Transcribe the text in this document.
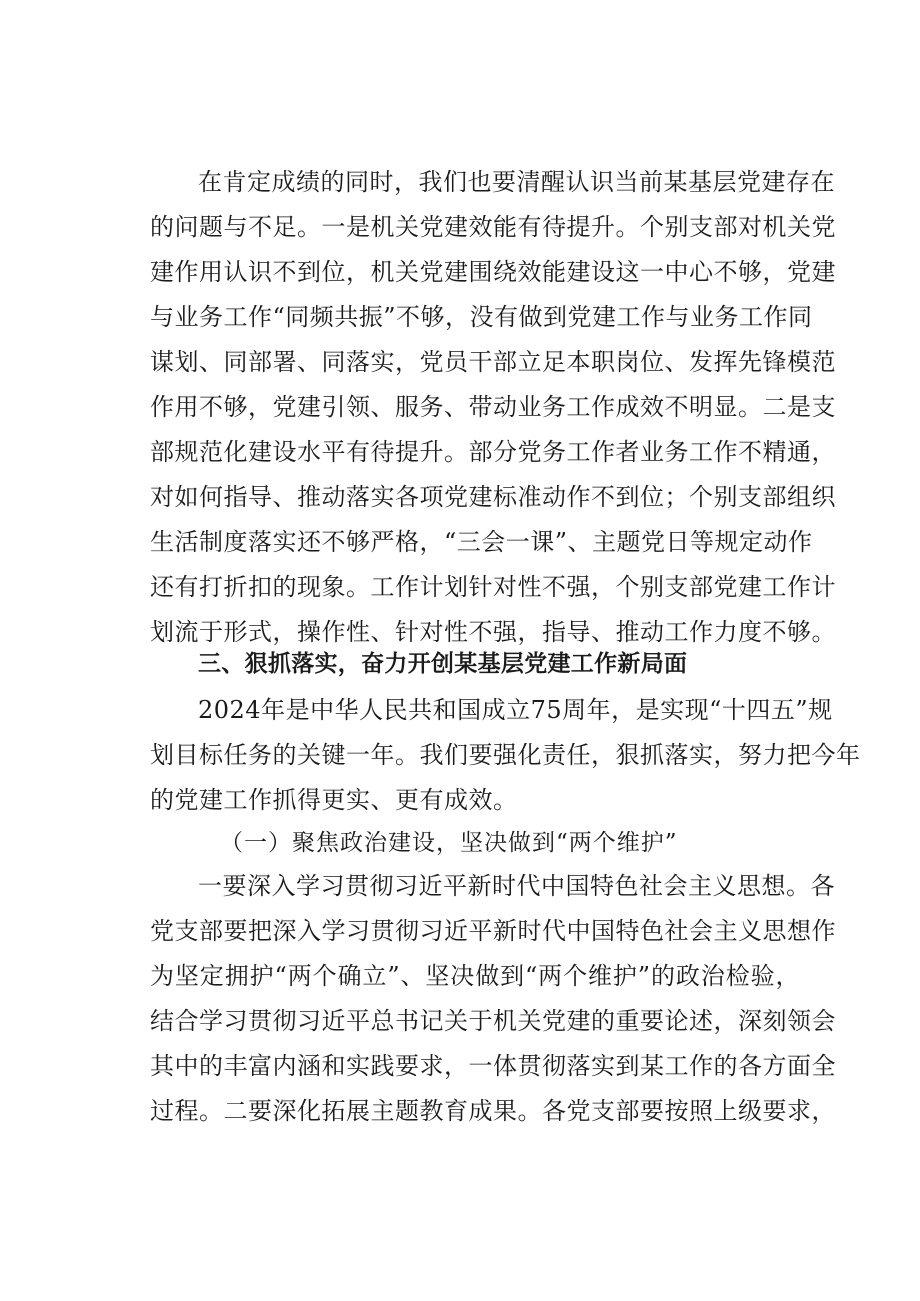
在肯定成绩的同时，我们也要清醒认识当前某基层党建存在
的问题与不足。一是机关党建效能有待提升。个别支部对机关党
建作用认识不到位，机关党建围绕效能建设这一中心不够，党建
与业务工作“同频共振”不够，没有做到党建工作与业务工作同
谋划、同部署、同落实，党员干部立足本职岗位、发挥先锋模范
作用不够，党建引领、服务、带动业务工作成效不明显。二是支
部规范化建设水平有待提升。部分党务工作者业务工作不精通，
对如何指导、推动落实各项党建标准动作不到位；个别支部组织
生活制度落实还不够严格，“三会一课”、主题党日等规定动作
还有打折扣的现象。工作计划针对性不强，个别支部党建工作计
划流于形式，操作性、针对性不强，指导、推动工作力度不够。
三、狠抓落实，奋力开创某基层党建工作新局面
2024年是中华人民共和国成立75周年，是实现“十四五”规
划目标任务的关键一年。我们要强化责任，狠抓落实，努力把今年
的党建工作抓得更实、更有成效。
（一）聚焦政治建设，坚决做到“两个维护”
一要深入学习贯彻习近平新时代中国特色社会主义思想。各
党支部要把深入学习贯彻习近平新时代中国特色社会主义思想作
为坚定拥护“两个确立”、坚决做到“两个维护”的政治检验，
结合学习贯彻习近平总书记关于机关党建的重要论述，深刻领会
其中的丰富内涵和实践要求，一体贯彻落实到某工作的各方面全
过程。二要深化拓展主题教育成果。各党支部要按照上级要求，
